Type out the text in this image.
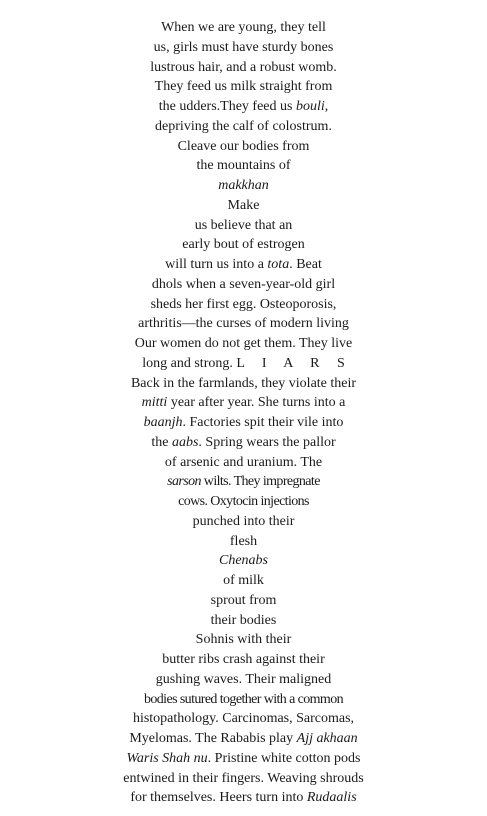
When we are young, they tell
us, girls must have sturdy bones
lustrous hair, and a robust womb.
They feed us milk straight from
the udders.They feed us bouli,
depriving the calf of colostrum.
Cleave our bodies from
the mountains of
makkhan
Make
us believe that an
early bout of estrogen
will turn us into a tota. Beat
dhols when a seven-year-old girl
sheds her first egg. Osteoporosis,
arthritis—the curses of modern living
Our women do not get them. They live
long and strong. L     I     A     R     S
Back in the farmlands, they violate their
mitti year after year. She turns into a
baanjh. Factories spit their vile into
the aabs. Spring wears the pallor
of arsenic and uranium. The
sarson wilts. They impregnate
cows. Oxytocin injections
punched into their
flesh
Chenabs
of milk
sprout from
their bodies
Sohnis with their
butter ribs crash against their
gushing waves. Their maligned
bodies sutured together with a common
histopathology. Carcinomas, Sarcomas,
Myelomas. The Rababis play Ajj akhaan
Waris Shah nu. Pristine white cotton pods
entwined in their fingers. Weaving shrouds
for themselves. Heers turn into Rudaalis
